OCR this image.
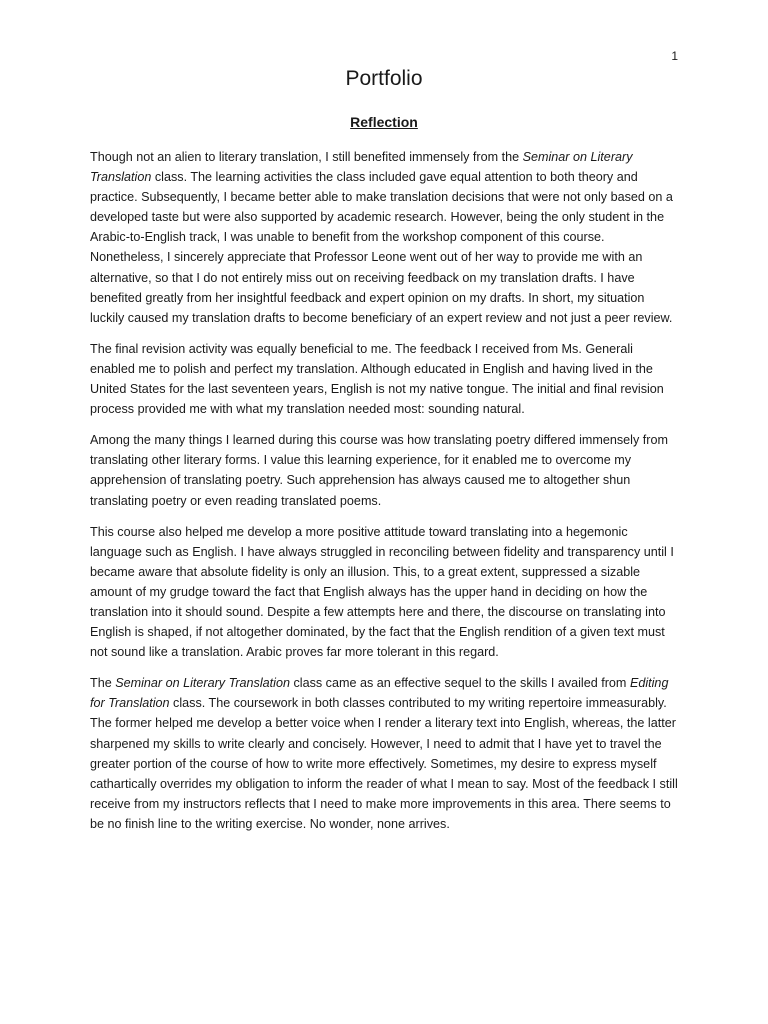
1
Portfolio
Reflection

Though not an alien to literary translation, I still benefited immensely from the Seminar on Literary Translation class. The learning activities the class included gave equal attention to both theory and practice. Subsequently, I became better able to make translation decisions that were not only based on a developed taste but were also supported by academic research. However, being the only student in the Arabic-to-English track, I was unable to benefit from the workshop component of this course. Nonetheless, I sincerely appreciate that Professor Leone went out of her way to provide me with an alternative, so that I do not entirely miss out on receiving feedback on my translation drafts. I have benefited greatly from her insightful feedback and expert opinion on my drafts. In short, my situation luckily caused my translation drafts to become beneficiary of an expert review and not just a peer review.

The final revision activity was equally beneficial to me. The feedback I received from Ms. Generali enabled me to polish and perfect my translation. Although educated in English and having lived in the United States for the last seventeen years, English is not my native tongue. The initial and final revision process provided me with what my translation needed most: sounding natural.

Among the many things I learned during this course was how translating poetry differed immensely from translating other literary forms. I value this learning experience, for it enabled me to overcome my apprehension of translating poetry. Such apprehension has always caused me to altogether shun translating poetry or even reading translated poems.

This course also helped me develop a more positive attitude toward translating into a hegemonic language such as English. I have always struggled in reconciling between fidelity and transparency until I became aware that absolute fidelity is only an illusion. This, to a great extent, suppressed a sizable amount of my grudge toward the fact that English always has the upper hand in deciding on how the translation into it should sound. Despite a few attempts here and there, the discourse on translating into English is shaped, if not altogether dominated, by the fact that the English rendition of a given text must not sound like a translation. Arabic proves far more tolerant in this regard.

The Seminar on Literary Translation class came as an effective sequel to the skills I availed from Editing for Translation class. The coursework in both classes contributed to my writing repertoire immeasurably. The former helped me develop a better voice when I render a literary text into English, whereas, the latter sharpened my skills to write clearly and concisely. However, I need to admit that I have yet to travel the greater portion of the course of how to write more effectively. Sometimes, my desire to express myself cathartically overrides my obligation to inform the reader of what I mean to say. Most of the feedback I still receive from my instructors reflects that I need to make more improvements in this area. There seems to be no finish line to the writing exercise. No wonder, none arrives.
